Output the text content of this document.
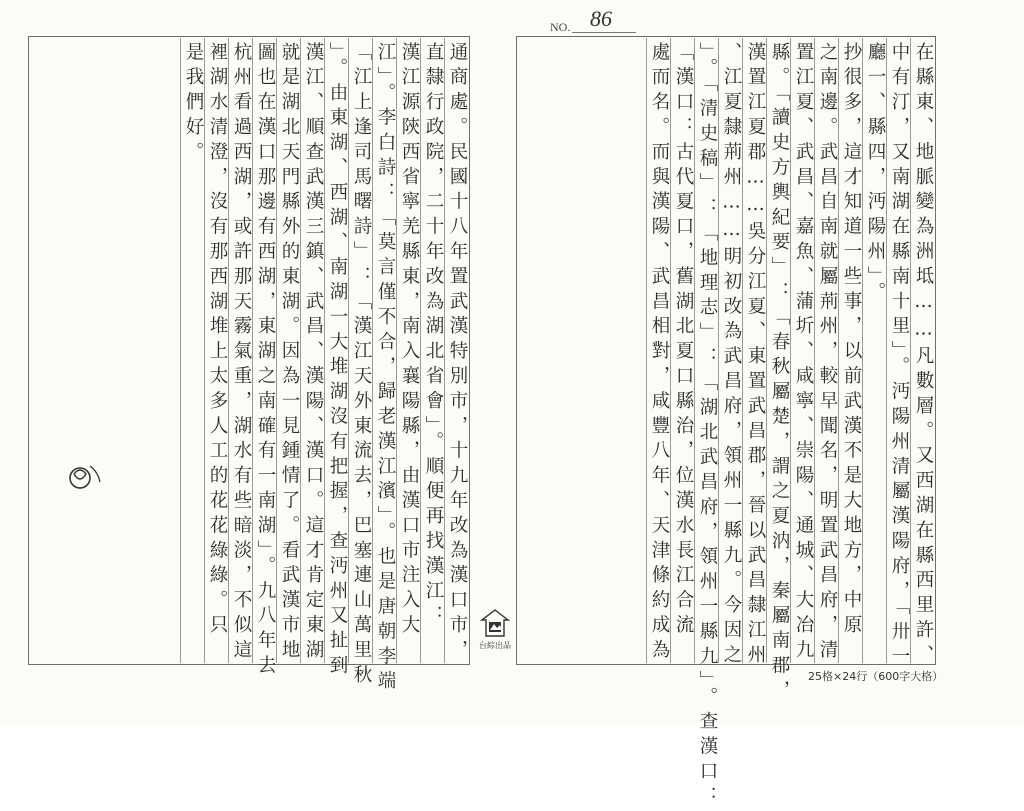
86
NO.
在縣東、地脈變為洲坻……凡數層。又西湖在縣西里許、
中有汀，又南湖在縣南十里」。沔陽州清屬漢陽府，「卅一
廳一、縣四，沔陽州」。
抄很多，這才知道一些事，以前武漢不是大地方，中原
之南邊。武昌自南就屬荊州，較早聞名，明置武昌府，清
置江夏、武昌、嘉魚、蒲圻、咸寧、崇陽、通城、大冶九
縣。「讀史方輿紀要」：「春秋屬楚，謂之夏汭，秦屬南郡，
漢置江夏郡……吳分江夏、東置武昌郡，晉以武昌隸江州
、江夏隸荊州……明初改為武昌府，領州一縣九。今因之
」。「清史稿」：「地理志」：「湖北武昌府，領州一縣九」。查漢口：
「漢口：古代夏口，舊湖北夏口縣治，位漢水長江合流
處而名。而與漢陽、武昌相對，咸豐八年、天津條約成為
通商處。民國十八年置武漢特別市，十九年改為漢口市，
直隸行政院，二十年改為湖北省會」。順便再找漢江：
漢江源陝西省寧羌縣東，南入襄陽縣，由漢口市注入大
江」。李白詩：「莫言僅不合，歸老漢江濱」。也是唐朝李端
「江上逢司馬曙詩」：「漢江天外東流去，巴塞連山萬里秋
」。由東湖、西湖、南湖一大堆湖沒有把握，查沔州又扯到
漢江、順查武漢三鎮、武昌、漢陽、漢口。這才肯定東湖
就是湖北天門縣外的東湖。因為一見鍾情了。看武漢市地
圖也在漢口那邊有西湖，東湖之南確有一南湖」。九八年去
杭州看過西湖，或許那天霧氣重，湖水有些暗淡，不似這
裡湖水清澄，沒有那西湖堆上太多人工的花花綠綠。只
是我們好。
台綜出品
25格×24行（600字大格）
